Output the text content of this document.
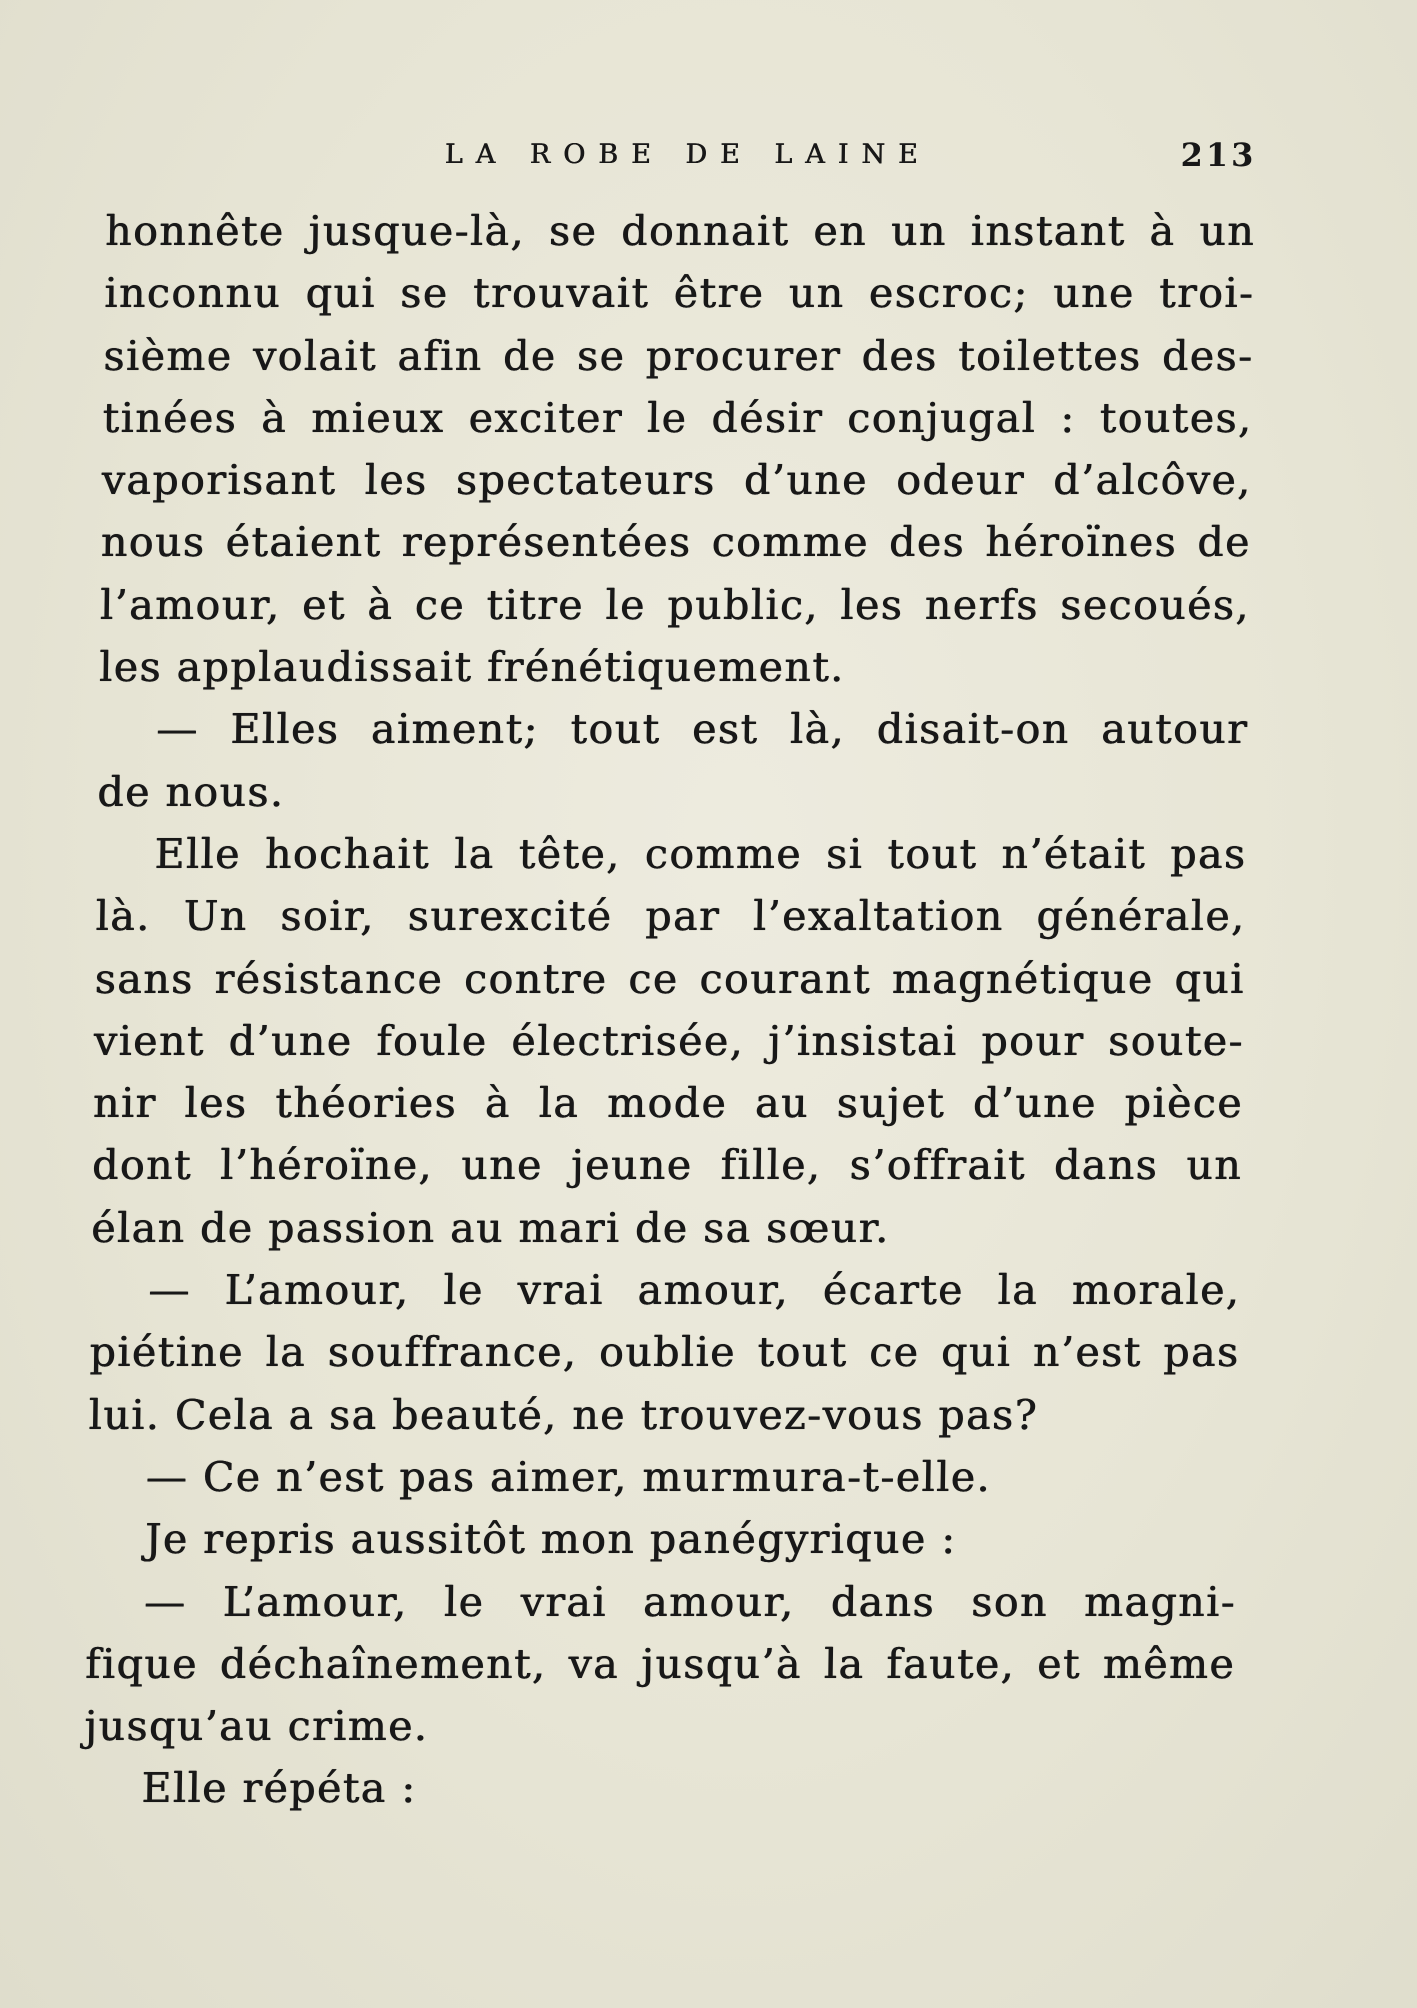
LA ROBE DE LAINE	213
honnête jusque-là, se donnait en un instant à un
inconnu qui se trouvait être un escroc; une troi-
sième volait afin de se procurer des toilettes des-
tinées à mieux exciter le désir conjugal : toutes,
vaporisant les spectateurs d’une odeur d’alcôve,
nous étaient représentées comme des héroïnes de
l’amour, et à ce titre le public, les nerfs secoués,
les applaudissait frénétiquement.
— Elles aiment; tout est là, disait-on autour
de nous.
Elle hochait la tête, comme si tout n’était pas
là. Un soir, surexcité par l’exaltation générale,
sans résistance contre ce courant magnétique qui
vient d’une foule électrisée, j’insistai pour soute-
nir les théories à la mode au sujet d’une pièce
dont l’héroïne, une jeune fille, s’offrait dans un
élan de passion au mari de sa sœur.
— L’amour, le vrai amour, écarte la morale,
piétine la souffrance, oublie tout ce qui n’est pas
lui. Cela a sa beauté, ne trouvez-vous pas?
— Ce n’est pas aimer, murmura-t-elle.
Je repris aussitôt mon panégyrique :
— L’amour, le vrai amour, dans son magni-
fique déchaînement, va jusqu’à la faute, et même
jusqu’au crime.
Elle répéta :
